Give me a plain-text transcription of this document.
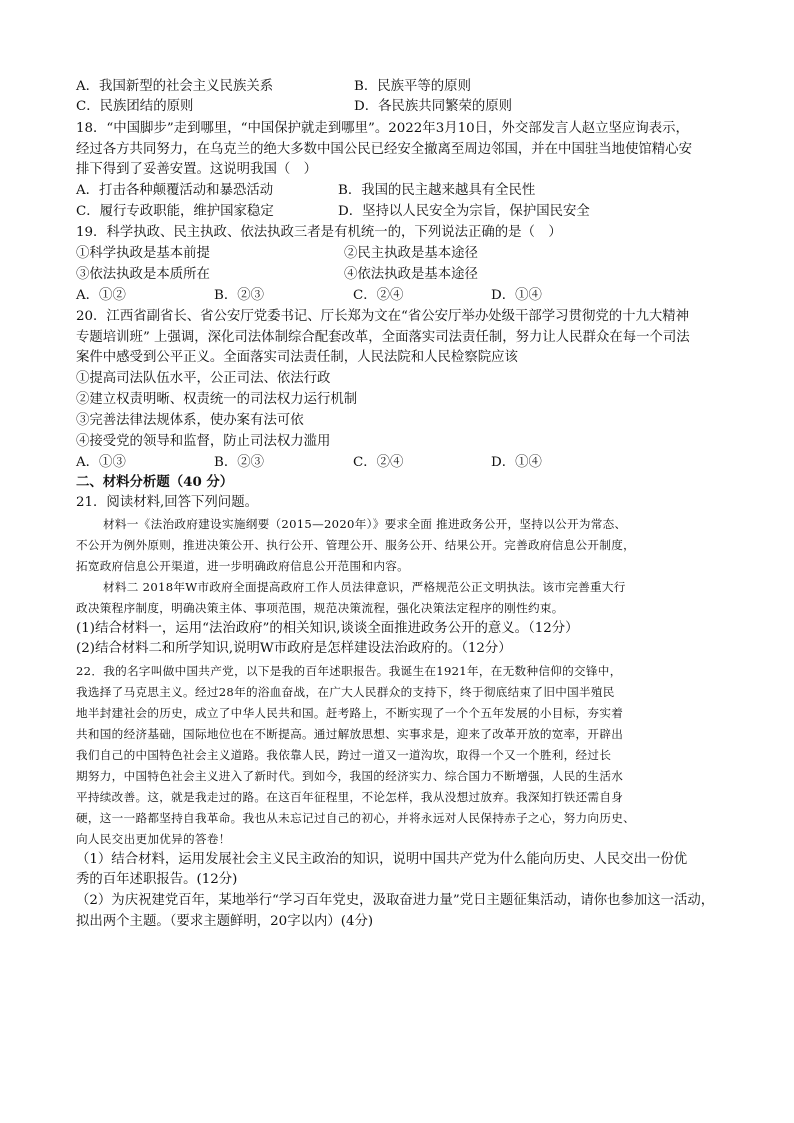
A．我国新型的社会主义民族关系	B．民族平等的原则
C．民族团结的原则	D．各民族共同繁荣的原则
18．“中国脚步”走到哪里，“中国保护就走到哪里”。2022年3月10日，外交部发言人赵立坚应询表示，
经过各方共同努力，在乌克兰的绝大多数中国公民已经安全撤离至周边邻国，并在中国驻当地使馆精心安
排下得到了妥善安置。这说明我国（　）
A．打击各种颠覆活动和暴恐活动	B．我国的民主越来越具有全民性
C．履行专政职能，维护国家稳定	D．坚持以人民安全为宗旨，保护国民安全
19．科学执政、民主执政、依法执政三者是有机统一的，下列说法正确的是（　）
①科学执政是基本前提	②民主执政是基本途径
③依法执政是本质所在	④依法执政是基本途径
A．①②	B．②③	C．②④	D．①④
20．江西省副省长、省公安厅党委书记、厅长郑为文在“省公安厅举办处级干部学习贯彻党的十九大精神
专题培训班” 上强调，深化司法体制综合配套改革，全面落实司法责任制，努力让人民群众在每一个司法
案件中感受到公平正义。全面落实司法责任制，人民法院和人民检察院应该
①提高司法队伍水平，公正司法、依法行政
②建立权责明晰、权责统一的司法权力运行机制
③完善法律法规体系，使办案有法可依
④接受党的领导和监督，防止司法权力滥用
A．①③	B．②③	C．②④	D．①④
二、材料分析题（40 分）
21．阅读材料,回答下列问题。
材料一《法治政府建设实施纲要（2015—2020年）》要求全面 推进政务公开，坚持以公开为常态、
不公开为例外原则，推进决策公开、执行公开、管理公开、服务公开、结果公开。完善政府信息公开制度，
拓宽政府信息公开渠道，进一步明确政府信息公开范围和内容。
材料二 2018年W市政府全面提高政府工作人员法律意识，严格规范公正文明执法。该市完善重大行
政决策程序制度，明确决策主体、事项范围，规范决策流程，强化决策法定程序的刚性约束。
(1)结合材料一，运用“法治政府”的相关知识,谈谈全面推进政务公开的意义。（12分）
(2)结合材料二和所学知识,说明W市政府是怎样建设法治政府的。（12分）
22．我的名字叫做中国共产党，以下是我的百年述职报告。我诞生在1921年，在无数种信仰的交锋中，
我选择了马克思主义。经过28年的浴血奋战，在广大人民群众的支持下，终于彻底结束了旧中国半殖民
地半封建社会的历史，成立了中华人民共和国。赶考路上，不断实现了一个个五年发展的小目标，夯实着
共和国的经济基础，国际地位也在不断提高。通过解放思想、实事求是，迎来了改革开放的宽率，开辟出
我们自己的中国特色社会主义道路。我依靠人民，跨过一道又一道沟坎，取得一个又一个胜利，经过长
期努力，中国特色社会主义进入了新时代。到如今，我国的经济实力、综合国力不断增强，人民的生活水
平持续改善。这，就是我走过的路。在这百年征程里，不论怎样，我从没想过放弃。我深知打铁还需自身
硬，这一一路都坚持自我革命。我也从未忘记过自己的初心，并将永远对人民保持赤子之心，努力向历史、
向人民交出更加优异的答卷！
（1）结合材料，运用发展社会主义民主政治的知识，说明中国共产党为什么能向历史、人民交出一份优
秀的百年述职报告。(12分)
（2）为庆祝建党百年，某地举行“学习百年党史，汲取奋进力量”党日主题征集活动，请你也参加这一活动，
拟出两个主题。（要求主题鲜明，20字以内）(4分)
